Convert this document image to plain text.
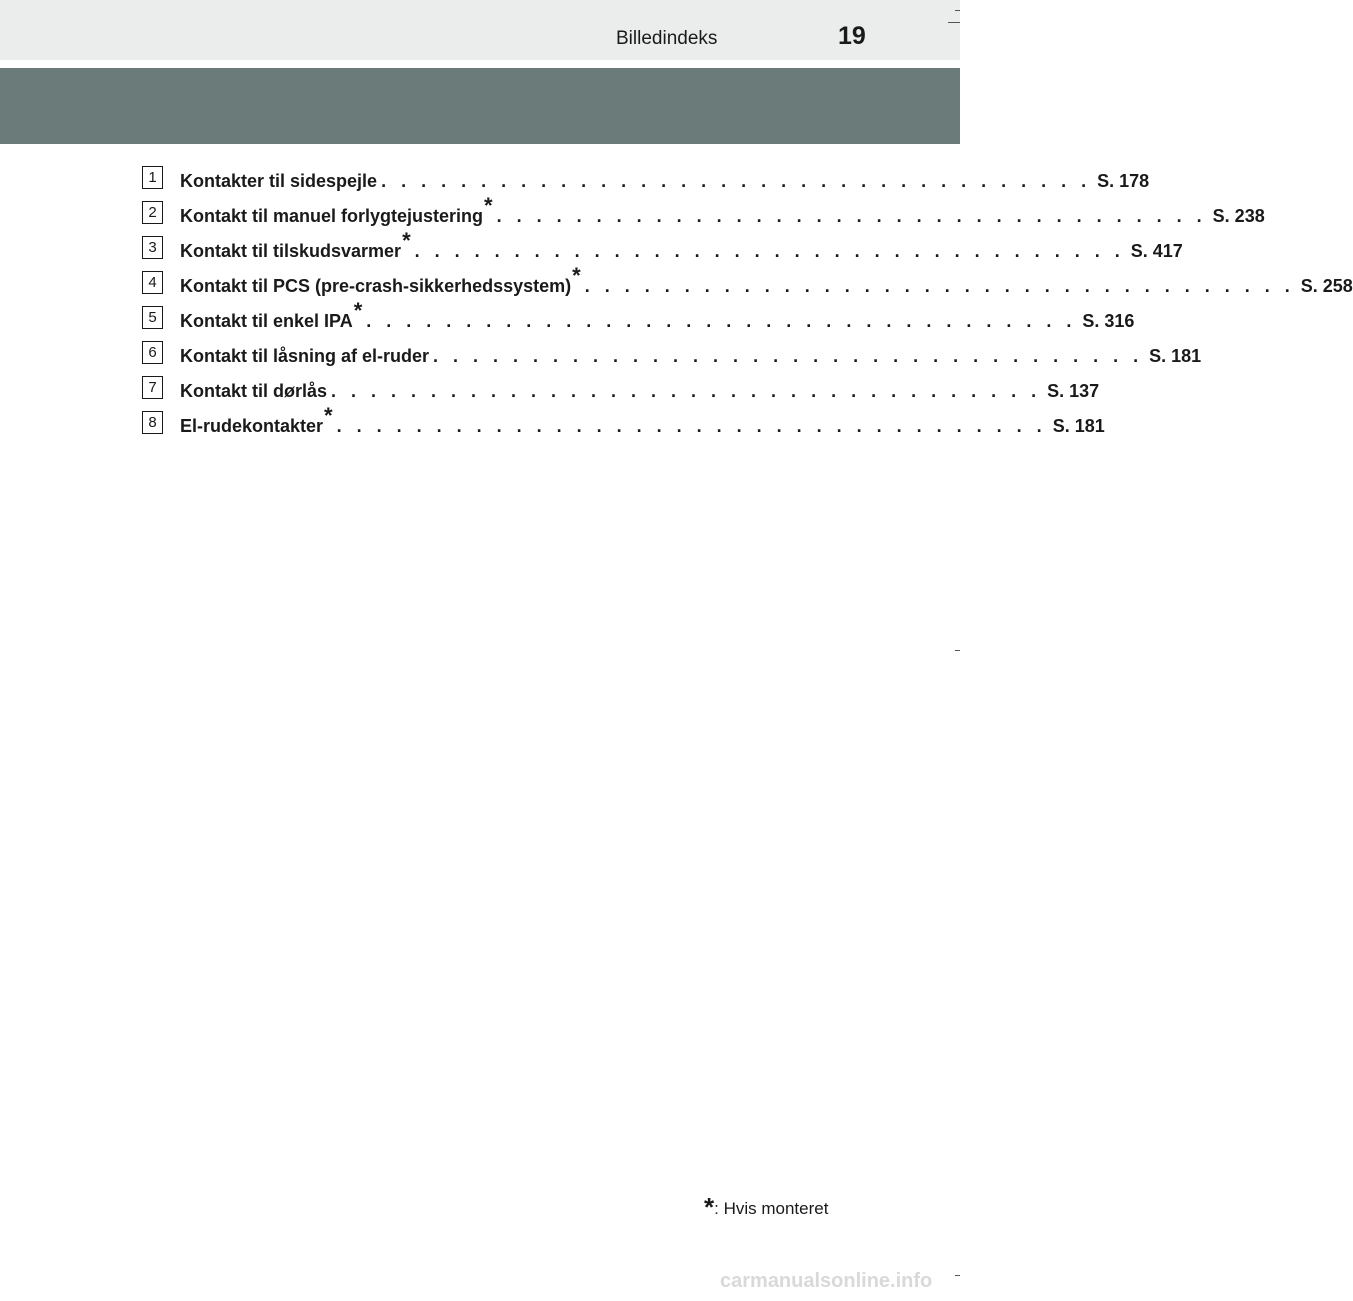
Billedindeks	19
1	Kontakter til sidespejle . . . . . . . . . . . . . . . . . . . . . . . . . . . . . . . . . . . . S. 178
2	Kontakt til manuel forlygtejustering * . . . . . . . . . . . . . . . . . . . . . . . . . . . . . . . . . . . . S. 238
3	Kontakt til tilskudsvarmer * . . . . . . . . . . . . . . . . . . . . . . . . . . . . . . . . . . . . S. 417
4	Kontakt til PCS (pre-crash-sikkerhedssystem) * . . . . . . . . . . . . . . . . . . . . . . . . . . . . . . . . . . . . S. 258
5	Kontakt til enkel IPA * . . . . . . . . . . . . . . . . . . . . . . . . . . . . . . . . . . . . S. 316
6	Kontakt til låsning af el-ruder . . . . . . . . . . . . . . . . . . . . . . . . . . . . . . . . . . . . S. 181
7	Kontakt til dørlås . . . . . . . . . . . . . . . . . . . . . . . . . . . . . . . . . . . . S. 137
8	El-rudekontakter * . . . . . . . . . . . . . . . . . . . . . . . . . . . . . . . . . . . . S. 181
*: Hvis monteret
carmanualsonline.info
